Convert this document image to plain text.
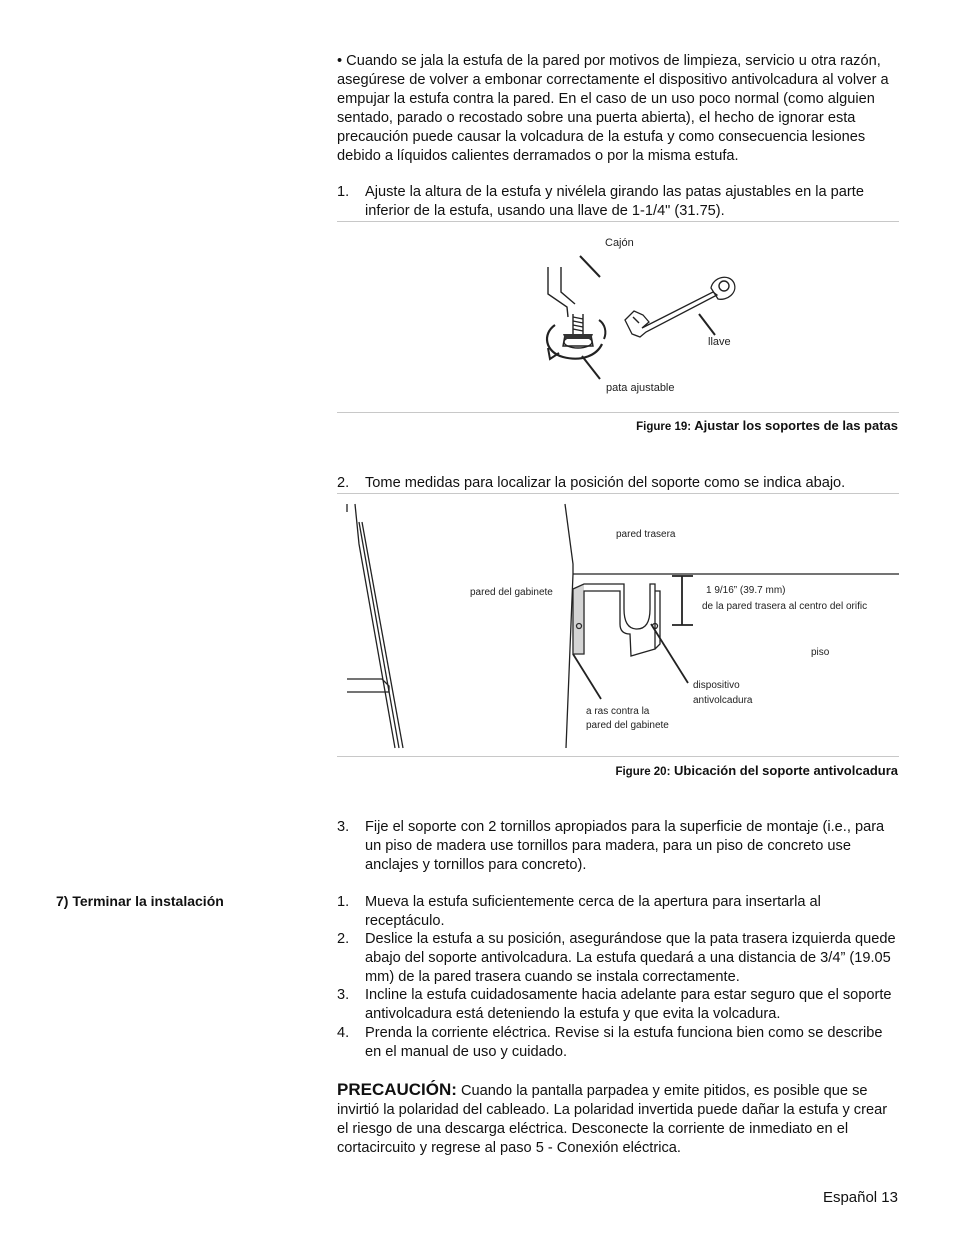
• Cuando se jala la estufa de la pared por motivos de limpieza, servicio u otra razón, asegúrese de volver a embonar correctamente el dispositivo antivolcadura al volver a empujar la estufa contra la pared. En el caso de un uso poco normal (como alguien sentado, parado o recostado sobre una puerta abierta), el hecho de ignorar esta precaución puede causar la volcadura de la estufa y como consecuencia lesiones debido a líquidos calientes derramados o por la misma estufa.
1. Ajuste la altura de la estufa y nivélela girando las patas ajustables en la parte inferior de la estufa, usando una llave de 1-1/4" (31.75).
Cajón
llave
pata ajustable
Figure 19: Ajustar los soportes de las patas
2. Tome medidas para localizar la posición del soporte como se indica abajo.
pared trasera
pared del gabinete	1 9/16” (39.7 mm)
de la pared trasera al centro del orific
piso
dispositivo
antivolcadura
a ras contra la
pared del gabinete
Figure 20: Ubicación del soporte antivolcadura
3. Fije el soporte con 2 tornillos apropiados para la superficie de montaje (i.e., para un piso de madera use tornillos para madera, para un piso de concreto use anclajes y tornillos para concreto).
7) Terminar la instalación	1. Mueva la estufa suficientemente cerca de la apertura para insertarla al receptáculo.
2. Deslice la estufa a su posición, asegurándose que la pata trasera izquierda quede abajo del soporte antivolcadura. La estufa quedará a una distancia de 3/4” (19.05 mm) de la pared trasera cuando se instala correctamente.
3. Incline la estufa cuidadosamente hacia adelante para estar seguro que el soporte antivolcadura está deteniendo la estufa y que evita la volcadura.
4. Prenda la corriente eléctrica. Revise si la estufa funciona bien como se describe en el manual de uso y cuidado.
PRECAUCIÓN: Cuando la pantalla parpadea y emite pitidos, es posible que se invirtió la polaridad del cableado. La polaridad invertida puede dañar la estufa y crear el riesgo de una descarga eléctrica. Desconecte la corriente de inmediato en el cortacircuito y regrese al paso 5 - Conexión eléctrica.
Español 13
